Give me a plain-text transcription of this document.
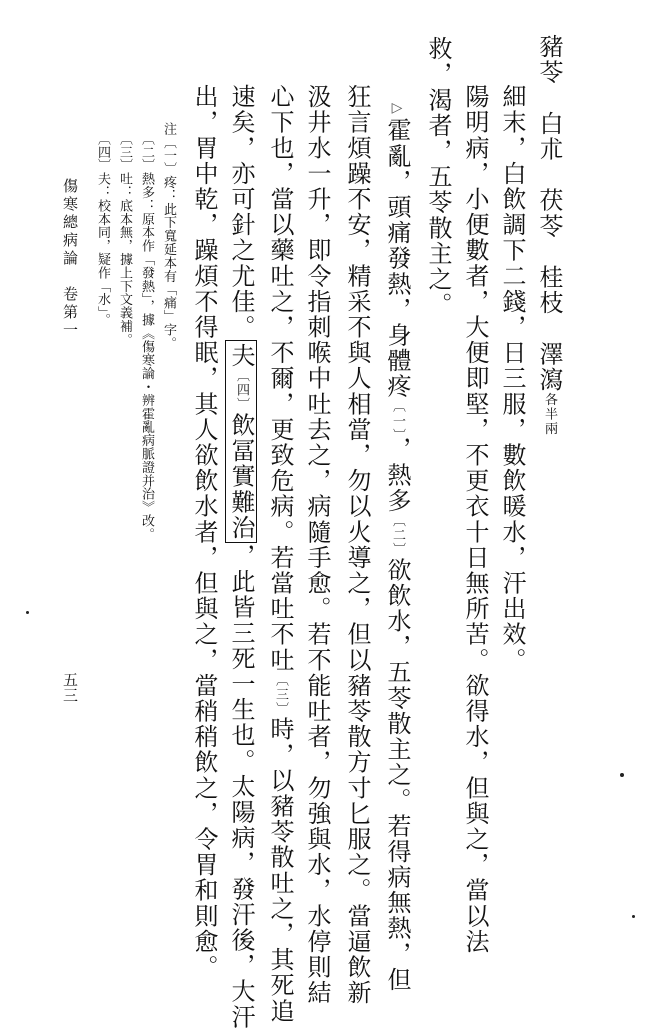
豬苓　白朮　茯苓　桂枝　澤瀉各半兩
細末，白飲調下二錢，日三服，數飲暖水，汗出效。
陽明病，小便數者，大便即堅，不更衣十日無所苦。欲得水，但與之，當以法
救，渴者，五苓散主之。
▷霍亂，頭痛發熱，身體疼〔一〕，熱多〔二〕欲飲水，五苓散主之。若得病無熱，但
狂言煩躁不安，精采不與人相當，勿以火導之，但以豬苓散方寸匕服之。當逼飲新
汲井水一升，即令指刺喉中吐去之，病隨手愈。若不能吐者，勿強與水，水停則結
心下也，當以藥吐之，不爾，更致危病。若當吐不吐〔三〕時，以豬苓散吐之，其死追
速矣，亦可針之尤佳。夫〔四〕飲冨實難治，此皆三死一生也。太陽病，發汗後，大汗
出，胃中乾，躁煩不得眠，其人欲飲水者，但與之，當稍稍飲之，令胃和則愈。
注〔一〕疼：此下寬延本有「痛」字。
〔二〕熱多：原本作「發熱」，據《傷寒論・辨霍亂病脈證并治》改。
〔三〕吐：底本無，據上下文義補。
〔四〕夫：校本同，疑作「水」。
傷寒總病論　卷第一
五三
